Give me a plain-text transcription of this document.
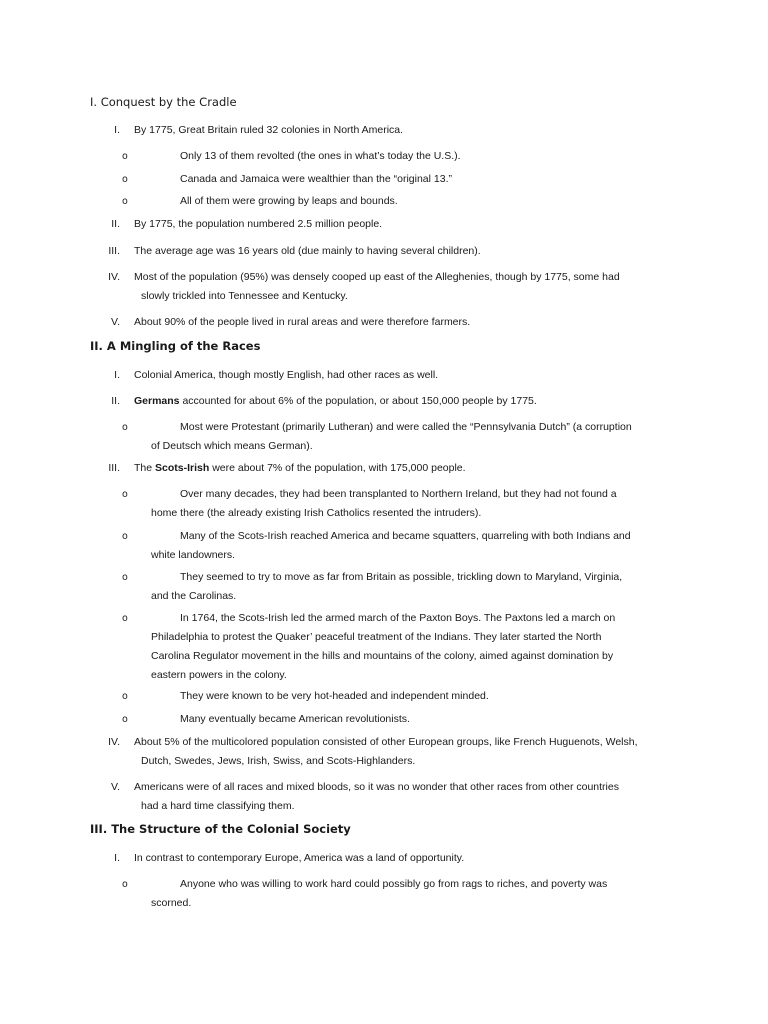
I. Conquest by the Cradle
I. By 1775, Great Britain ruled 32 colonies in North America.
o	Only 13 of them revolted (the ones in what’s today the U.S.).
o	Canada and Jamaica were wealthier than the “original 13.”
o	All of them were growing by leaps and bounds.
II. By 1775, the population numbered 2.5 million people.
III. The average age was 16 years old (due mainly to having several children).
IV. Most of the population (95%) was densely cooped up east of the Alleghenies, though by 1775, some had
slowly trickled into Tennessee and Kentucky.
V. About 90% of the people lived in rural areas and were therefore farmers.
II. A Mingling of the Races
I. Colonial America, though mostly English, had other races as well.
II. Germans accounted for about 6% of the population, or about 150,000 people by 1775.
o	Most were Protestant (primarily Lutheran) and were called the “Pennsylvania Dutch” (a corruption
of Deutsch which means German).
III. The Scots-Irish were about 7% of the population, with 175,000 people.
o	Over many decades, they had been transplanted to Northern Ireland, but they had not found a
home there (the already existing Irish Catholics resented the intruders).
o	Many of the Scots-Irish reached America and became squatters, quarreling with both Indians and
white landowners.
o	They seemed to try to move as far from Britain as possible, trickling down to Maryland, Virginia,
and the Carolinas.
o	In 1764, the Scots-Irish led the armed march of the Paxton Boys. The Paxtons led a march on
Philadelphia to protest the Quaker’ peaceful treatment of the Indians. They later started the North
Carolina Regulator movement in the hills and mountains of the colony, aimed against domination by
eastern powers in the colony.
o	They were known to be very hot-headed and independent minded.
o	Many eventually became American revolutionists.
IV. About 5% of the multicolored population consisted of other European groups, like French Huguenots, Welsh,
Dutch, Swedes, Jews, Irish, Swiss, and Scots-Highlanders.
V. Americans were of all races and mixed bloods, so it was no wonder that other races from other countries
had a hard time classifying them.
III. The Structure of the Colonial Society
I. In contrast to contemporary Europe, America was a land of opportunity.
o	Anyone who was willing to work hard could possibly go from rags to riches, and poverty was
scorned.
